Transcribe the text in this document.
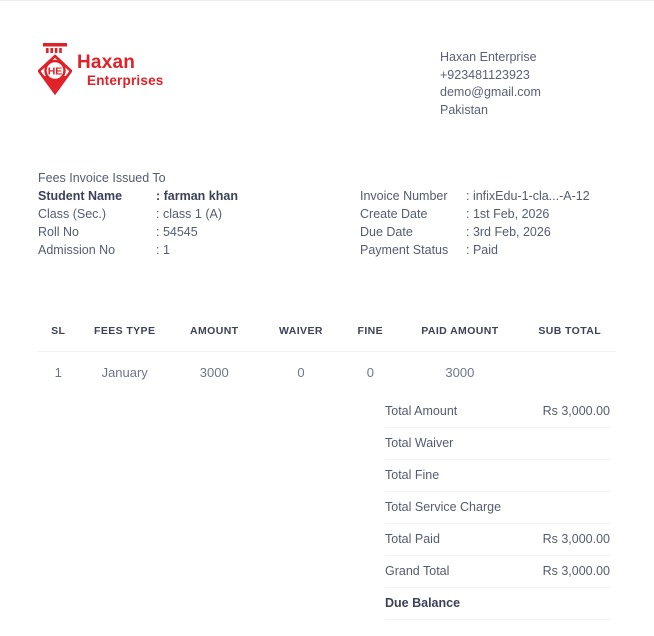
HE Haxan
Enterprises
Haxan Enterprise
+923481123923
demo@gmail.com
Pakistan
Fees Invoice Issued To
Student Name	: farman khan
Class (Sec.)	: class 1 (A)
Roll No	: 54545
Admission No	: 1
Invoice Number	: infixEdu-1-cla...-A-12
Create Date	: 1st Feb, 2026
Due Date	: 3rd Feb, 2026
Payment Status	: Paid
SL	FEES TYPE	AMOUNT	WAIVER	FINE	PAID AMOUNT	SUB TOTAL
1	January	3000	0	0	3000	
Total Amount	Rs 3,000.00
Total Waiver
Total Fine
Total Service Charge
Total Paid	Rs 3,000.00
Grand Total	Rs 3,000.00
Due Balance
